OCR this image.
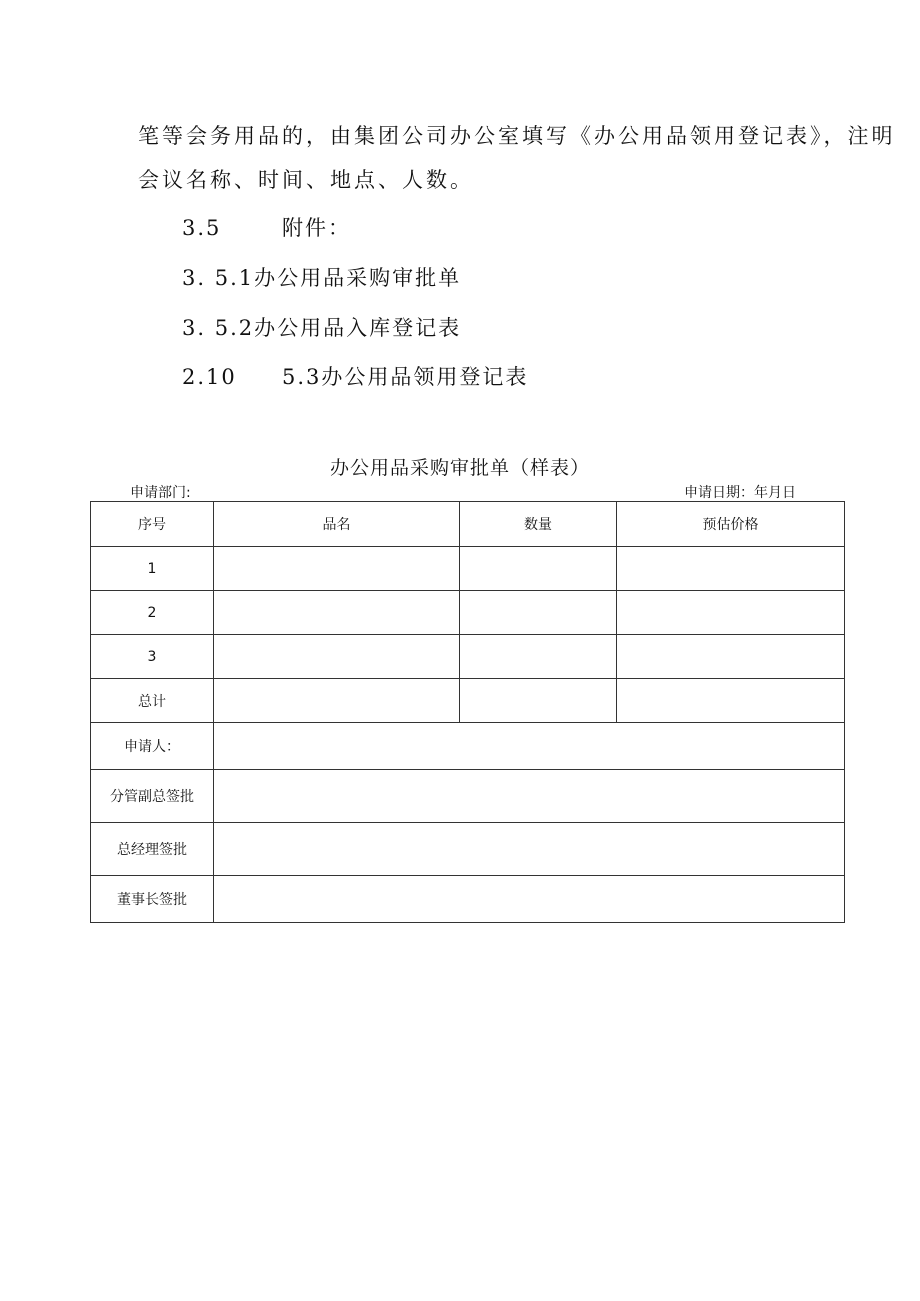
笔等会务用品的，由集团公司办公室填写《办公用品领用登记表》，注明
会议名称、时间、地点、人数。
3.5	附件：
3. 5.1办公用品采购审批单
3. 5.2办公用品入库登记表
2.10 5.3办公用品领用登记表
办公用品采购审批单（样表）
申请部门:	申请日期：年月日
序号	品名	数量	预估价格
1			
2			
3			
总计			
申请人：			
分管副总签批			
总经理签批			
董事长签批			
